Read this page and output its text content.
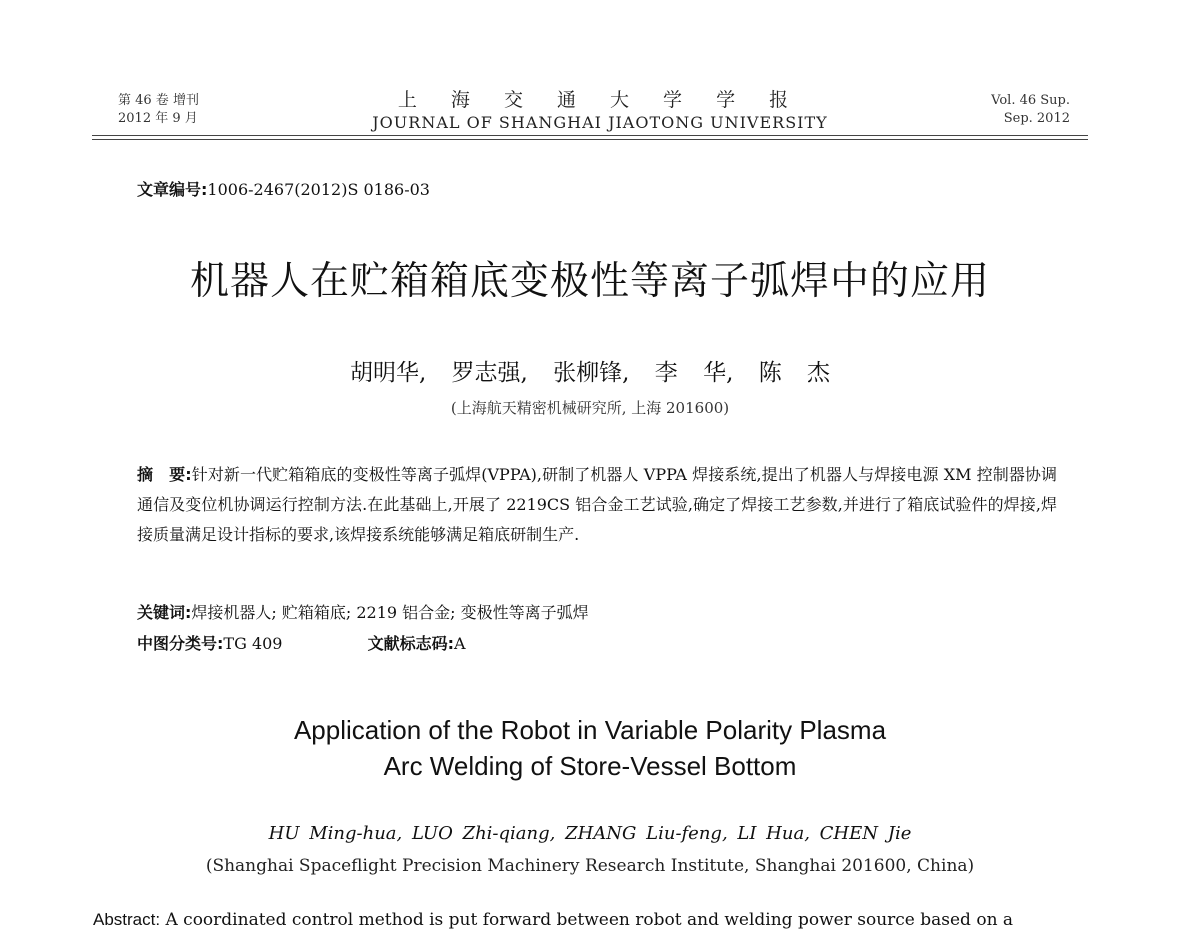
第 46 卷 增刊
2012 年 9 月
上 海 交 通 大 学 学 报
JOURNAL OF SHANGHAI JIAOTONG UNIVERSITY
Vol. 46 Sup.
Sep. 2012
文章编号:1006-2467(2012)S 0186-03
机器人在贮箱箱底变极性等离子弧焊中的应用
胡明华, 罗志强, 张柳锋, 李 华, 陈 杰
(上海航天精密机械研究所, 上海 201600)
摘　要:针对新一代贮箱箱底的变极性等离子弧焊(VPPA),研制了机器人 VPPA 焊接系统,提出了机器人与焊接电源 XM 控制器协调通信及变位机协调运行控制方法.在此基础上,开展了 2219CS 铝合金工艺试验,确定了焊接工艺参数,并进行了箱底试验件的焊接,焊接质量满足设计指标的要求,该焊接系统能够满足箱底研制生产.
关键词:焊接机器人; 贮箱箱底; 2219 铝合金; 变极性等离子弧焊
中图分类号:TG 409	文献标志码:A
Application of the Robot in Variable Polarity Plasma
Arc Welding of Store-Vessel Bottom
HU Ming-hua, LUO Zhi-qiang, ZHANG Liu-feng, LI Hua, CHEN Jie
(Shanghai Spaceflight Precision Machinery Research Institute, Shanghai 201600, China)
Abstract: A coordinated control method is put forward between robot and welding power source based on a
